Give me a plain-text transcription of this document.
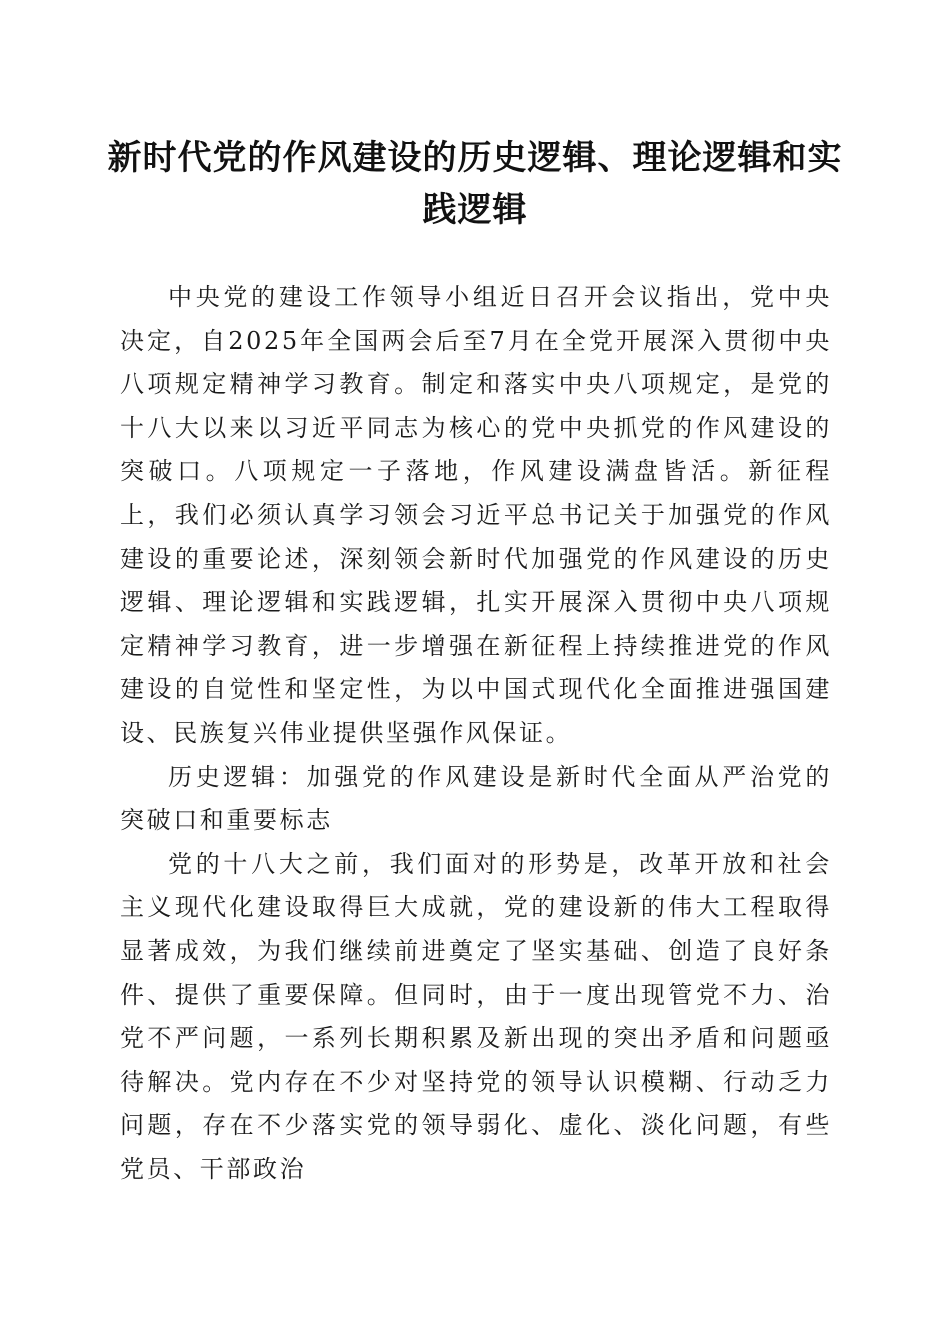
新时代党的作风建设的历史逻辑、理论逻辑和实践逻辑

中央党的建设工作领导小组近日召开会议指出，党中央决定，自2025年全国两会后至7月在全党开展深入贯彻中央八项规定精神学习教育。制定和落实中央八项规定，是党的十八大以来以习近平同志为核心的党中央抓党的作风建设的突破口。八项规定一子落地，作风建设满盘皆活。新征程上，我们必须认真学习领会习近平总书记关于加强党的作风建设的重要论述，深刻领会新时代加强党的作风建设的历史逻辑、理论逻辑和实践逻辑，扎实开展深入贯彻中央八项规定精神学习教育，进一步增强在新征程上持续推进党的作风建设的自觉性和坚定性，为以中国式现代化全面推进强国建设、民族复兴伟业提供坚强作风保证。

历史逻辑：加强党的作风建设是新时代全面从严治党的突破口和重要标志

党的十八大之前，我们面对的形势是，改革开放和社会主义现代化建设取得巨大成就，党的建设新的伟大工程取得显著成效，为我们继续前进奠定了坚实基础、创造了良好条件、提供了重要保障。但同时，由于一度出现管党不力、治党不严问题，一系列长期积累及新出现的突出矛盾和问题亟待解决。党内存在不少对坚持党的领导认识模糊、行动乏力问题，存在不少落实党的领导弱化、虚化、淡化问题，有些党员、干部政治
